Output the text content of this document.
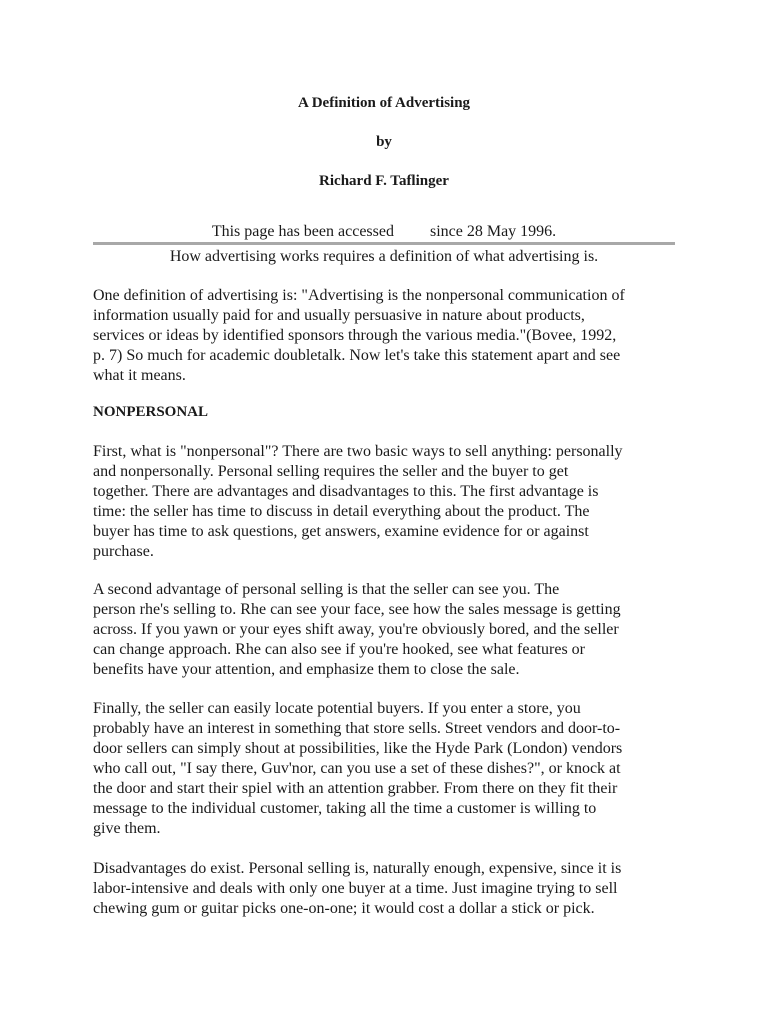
A Definition of Advertising
by
Richard F. Taflinger
This page has been accessed         since 28 May 1996.
How advertising works requires a definition of what advertising is.
One definition of advertising is: "Advertising is the nonpersonal communication of
information usually paid for and usually persuasive in nature about products,
services or ideas by identified sponsors through the various media."(Bovee, 1992,
p. 7) So much for academic doubletalk. Now let's take this statement apart and see
what it means.
NONPERSONAL
First, what is "nonpersonal"? There are two basic ways to sell anything: personally
and nonpersonally. Personal selling requires the seller and the buyer to get
together. There are advantages and disadvantages to this. The first advantage is
time: the seller has time to discuss in detail everything about the product. The
buyer has time to ask questions, get answers, examine evidence for or against
purchase.
A second advantage of personal selling is that the seller can see you. The
person rhe's selling to. Rhe can see your face, see how the sales message is getting
across. If you yawn or your eyes shift away, you're obviously bored, and the seller
can change approach. Rhe can also see if you're hooked, see what features or
benefits have your attention, and emphasize them to close the sale.
Finally, the seller can easily locate potential buyers. If you enter a store, you
probably have an interest in something that store sells. Street vendors and door-to-
door sellers can simply shout at possibilities, like the Hyde Park (London) vendors
who call out, "I say there, Guv'nor, can you use a set of these dishes?", or knock at
the door and start their spiel with an attention grabber. From there on they fit their
message to the individual customer, taking all the time a customer is willing to
give them.
Disadvantages do exist. Personal selling is, naturally enough, expensive, since it is
labor-intensive and deals with only one buyer at a time. Just imagine trying to sell
chewing gum or guitar picks one-on-one; it would cost a dollar a stick or pick.
